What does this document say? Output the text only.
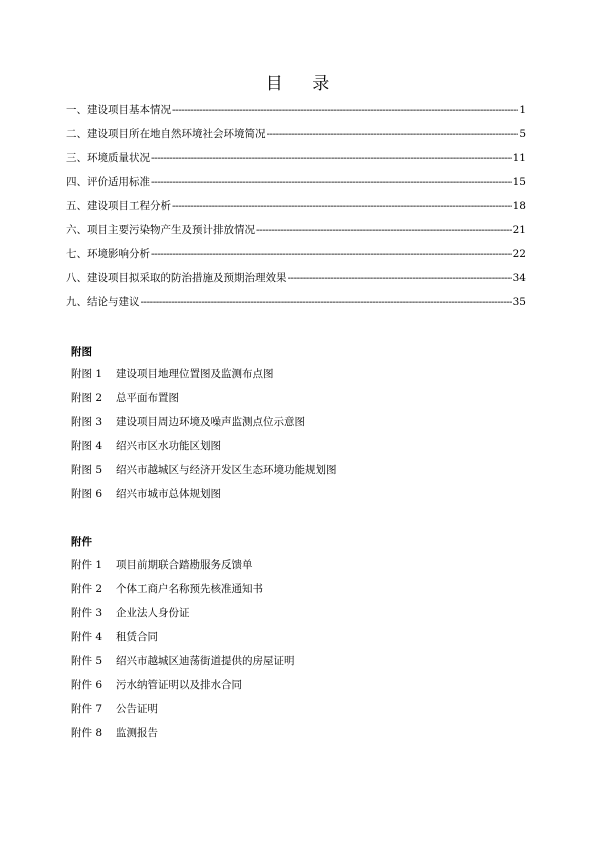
目 录
一、建设项目基本情况 -----	1
二、建设项目所在地自然环境社会环境简况 -----	5
三、环境质量状况 -----	11
四、评价适用标准 -----	15
五、建设项目工程分析 -----	18
六、项目主要污染物产生及预计排放情况 -----	21
七、环境影响分析 -----	22
八、建设项目拟采取的防治措施及预期治理效果 -----	34
九、结论与建议 -----	35
附图
附图 1 建设项目地理位置图及监测布点图
附图 2 总平面布置图
附图 3 建设项目周边环境及噪声监测点位示意图
附图 4 绍兴市区水功能区划图
附图 5 绍兴市越城区与经济开发区生态环境功能规划图
附图 6 绍兴市城市总体规划图
附件
附件 1 项目前期联合踏勘服务反馈单
附件 2 个体工商户名称预先核准通知书
附件 3 企业法人身份证
附件 4 租赁合同
附件 5 绍兴市越城区迪荡街道提供的房屋证明
附件 6 污水纳管证明以及排水合同
附件 7 公告证明
附件 8 监测报告
